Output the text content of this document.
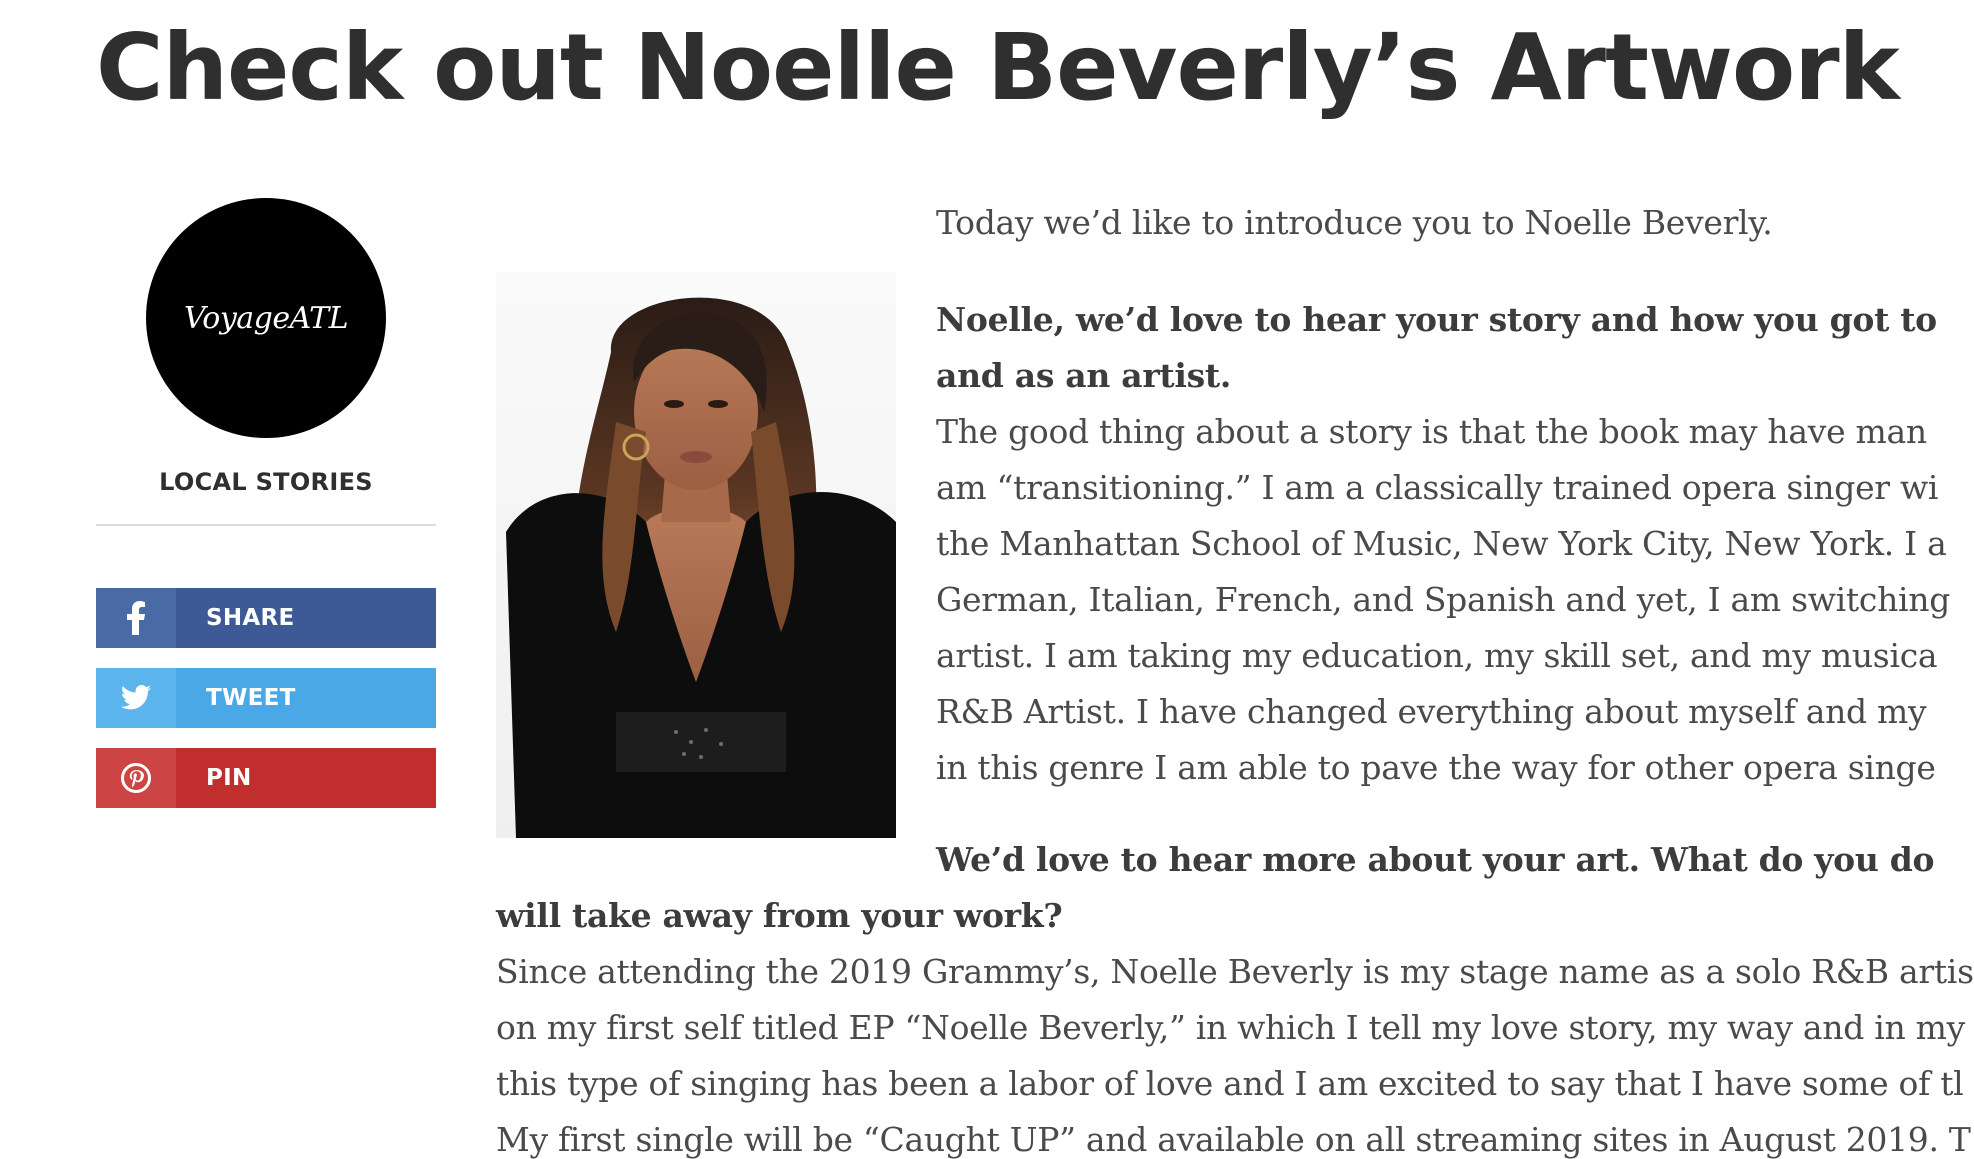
Check out Noelle Beverly’s Artwork
VoyageATL
LOCAL STORIES
SHARE
TWEET
PIN
Today we’d like to introduce you to Noelle Beverly.
Noelle, we’d love to hear your story and how you got to
and as an artist.
The good thing about a story is that the book may have man
am “transitioning.” I am a classically trained opera singer wi
the Manhattan School of Music, New York City, New York. I a
German, Italian, French, and Spanish and yet, I am switching
artist. I am taking my education, my skill set, and my musica
R&B Artist. I have changed everything about myself and my
in this genre I am able to pave the way for other opera singe
We’d love to hear more about your art. What do you do
will take away from your work?
Since attending the 2019 Grammy’s, Noelle Beverly is my stage name as a solo R&B artis
on my first self titled EP “Noelle Beverly,” in which I tell my love story, my way and in my
this type of singing has been a labor of love and I am excited to say that I have some of tl
My first single will be “Caught UP” and available on all streaming sites in August 2019. T
